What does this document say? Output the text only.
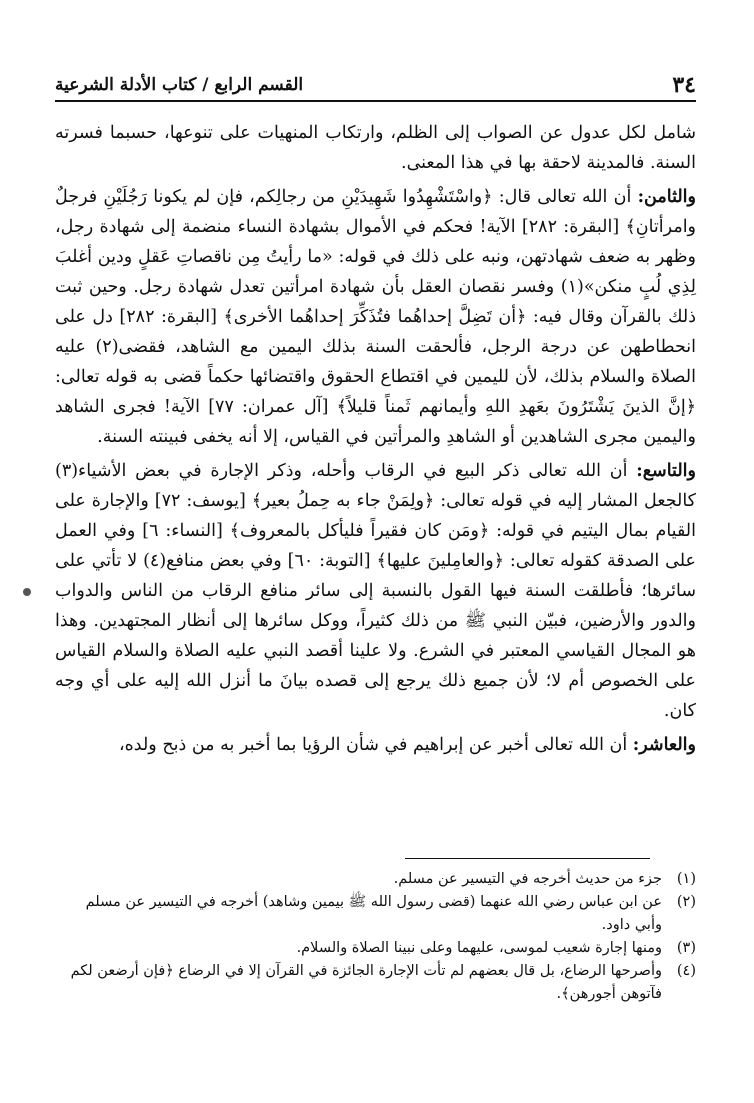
٣٤
القسم الرابع / كتاب الأدلة الشرعية

شامل لكل عدول عن الصواب إلى الظلم، وارتكاب المنهيات على تنوعها، حسبما فسرته السنة. فالمدينة لاحقة بها في هذا المعنى.

والثامن: أن الله تعالى قال: ﴿واسْتَشْهِدُوا شَهِيدَيْنِ من رجالِكم، فإن لم يكونا رَجُلَيْنِ فرجلٌ وامرأتانِ﴾ [البقرة: ٢٨٢] الآية! فحكم في الأموال بشهادة النساء منضمة إلى شهادة رجل، وظهر به ضعف شهادتهن، ونبه على ذلك في قوله: «ما رأيتُ مِن ناقصاتِ عَقلٍ ودين أغلبَ لِذِي لُبٍ منكن»(١) وفسر نقصان العقل بأن شهادة امرأتين تعدل شهادة رجل. وحين ثبت ذلك بالقرآن وقال فيه: ﴿أن تَضِلَّ إحداهُما فتُذَكِّرَ إحداهُما الأخرى﴾ [البقرة: ٢٨٢] دل على انحطاطهن عن درجة الرجل، فألحقت السنة بذلك اليمين مع الشاهد، فقضى(٢) عليه الصلاة والسلام بذلك، لأن لليمين في اقتطاع الحقوق واقتضائها حكماً قضى به قوله تعالى: ﴿إنَّ الذينَ يَشْتَرُونَ بعَهدِ اللهِ وأيمانهم ثَمناً قليلاً﴾ [آل عمران: ٧٧] الآية! فجرى الشاهد واليمين مجرى الشاهدين أو الشاهدِ والمرأتين في القياس، إلا أنه يخفى فبينته السنة.

والتاسع: أن الله تعالى ذكر البيع في الرقاب وأحله، وذكر الإجارة في بعض الأشياء(٣) كالجعل المشار إليه في قوله تعالى: ﴿ولِمَنْ جاء به حِملُ بعير﴾ [يوسف: ٧٢] والإجارة على القيام بمال اليتيم في قوله: ﴿ومَن كان فقيراً فليأكل بالمعروف﴾ [النساء: ٦] وفي العمل على الصدقة كقوله تعالى: ﴿والعامِلينَ عليها﴾ [التوبة: ٦٠] وفي بعض منافع(٤) لا تأتي على سائرها؛ فأطلقت السنة فيها القول بالنسبة إلى سائر منافع الرقاب من الناس والدواب والدور والأرضين، فبيّن النبي ﷺ من ذلك كثيراً، ووكل سائرها إلى أنظار المجتهدين. وهذا هو المجال القياسي المعتبر في الشرع. ولا علينا أقصد النبي عليه الصلاة والسلام القياس على الخصوص أم لا؛ لأن جميع ذلك يرجع إلى قصده بيانَ ما أنزل الله إليه على أي وجه كان.

والعاشر: أن الله تعالى أخبر عن إبراهيم في شأن الرؤيا بما أخبر به من ذبح ولده،

(١)
جزء من حديث أخرجه في التيسير عن مسلم.
(٢)
عن ابن عباس رضي الله عنهما (قضى رسول الله ﷺ بيمين وشاهد) أخرجه في التيسير عن مسلم وأبي داود.
(٣)
ومنها إجارة شعيب لموسى، عليهما وعلى نبينا الصلاة والسلام.
(٤)
وأصرحها الرضاع، بل قال بعضهم لم تأت الإجارة الجائزة في القرآن إلا في الرضاع ﴿فإن أرضعن لكم فآتوهن أجورهن﴾.
